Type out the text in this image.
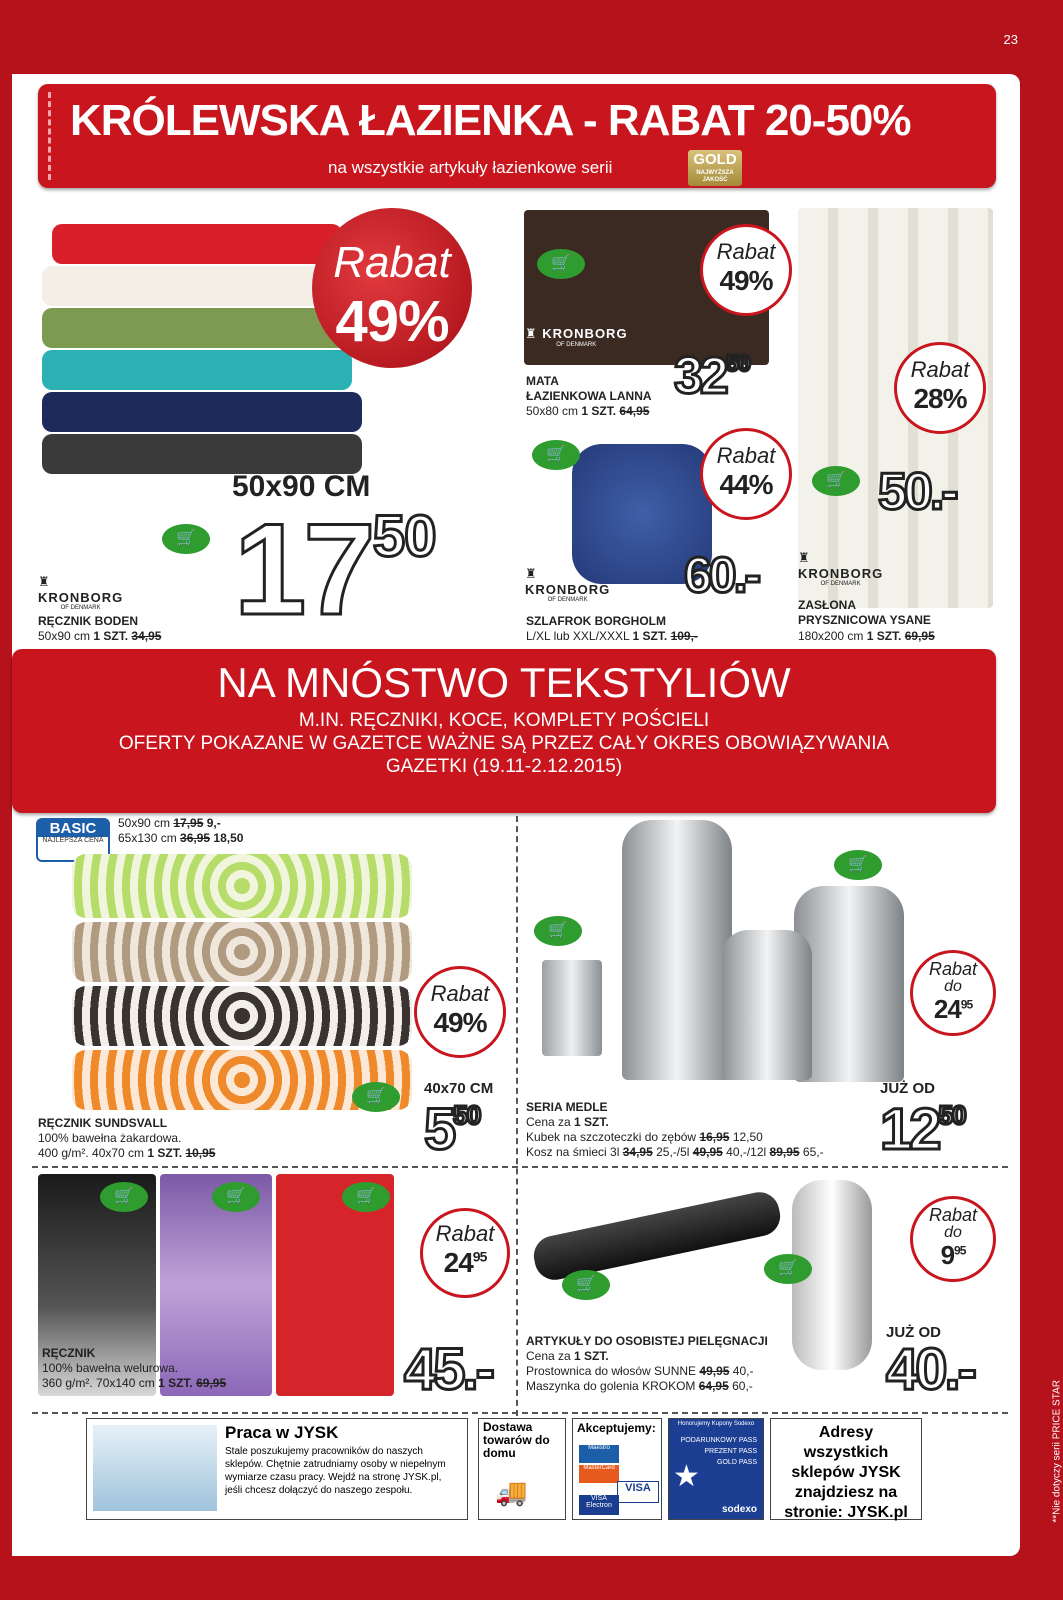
23
**Nie dotyczy serii PRICE STAR
KRÓLEWSKA ŁAZIENKA - RABAT 20-50%
na wszystkie artykuły łazienkowe serii	GOLD
NAJWYŻSZA JAKOŚĆ
Rabat
49%
50x90 CM
🛒 $17^{50}$
♜
KRONBORG
OF DENMARK
RĘCZNIK BODEN
50x90 cm 1 SZT. 34,95
🛒
♜ KRONBORG
OF DENMARK
Rabat
49%
$32^{50}$
MATA
ŁAZIENKOWA LANNA
50x80 cm 1 SZT. 64,95
🛒	Rabat
44%
60.-
♜
KRONBORG
OF DENMARK
SZLAFROK BORGHOLM
L/XL lub XXL/XXXL 1 SZT. 109,-
Rabat
28%
🛒 50.-
♜
KRONBORG
OF DENMARK
ZASŁONA
PRYSZNICOWA YSANE
180x200 cm 1 SZT. 69,95
NA MNÓSTWO TEKSTYLIÓW

M.IN. RĘCZNIKI, KOCE, KOMPLETY POŚCIELI

OFERTY POKAZANE W GAZETCE WAŻNE SĄ PRZEZ CAŁY OKRES OBOWIĄZYWANIA

GAZETKI (19.11-2.12.2015)

BASIC
NAJLEPSZA CENA
50x90 cm 17,95 9,-
65x130 cm 36,95 18,50
Rabat
49%
🛒	40x70 CM
$5^{50}$
RĘCZNIK SUNDSVALL
100% bawełna żakardowa.
400 g/m². 40x70 cm 1 SZT. 10,95
🛒
🛒
Rabat
do
$24^{95}$
JUŻ OD
$12^{50}$
SERIA MEDLE
Cena za 1 SZT.
Kubek na szczoteczki do zębów 16,95 12,50
Kosz na śmieci 3l 34,95 25,-/5l 49,95 40,-/12l 89,95 65,-
🛒	🛒	🛒
Rabat
$24^{95}$
45.-
RĘCZNIK
100% bawełna welurowa.
360 g/m². 70x140 cm 1 SZT. 69,95
🛒
🛒
Rabat
do
$9^{95}$
JUŻ OD
40.-
ARTYKUŁY DO OSOBISTEJ PIELĘGNACJI
Cena za 1 SZT.
Prostownica do włosów SUNNE 49,95 40,-
Maszynka do golenia KROKOM 64,95 60,-
Praca w JYSK
Stale poszukujemy pracowników do naszych sklepów. Chętnie zatrudniamy osoby w niepełnym wymiarze czasu pracy. Wejdź na stronę JYSK.pl, jeśli chcesz dołączyć do naszego zespołu.
Dostawa towarów do domu
🚚
Akceptujemy:
Maestro
MasterCard
VISA
VISA Electron
Honorujemy Kupony Sodexo
PODARUNKOWY PASS
PREZENT PASS
GOLD PASS
★
sodexo
Adresy wszystkich sklepów JYSK znajdziesz na stronie: JYSK.pl
